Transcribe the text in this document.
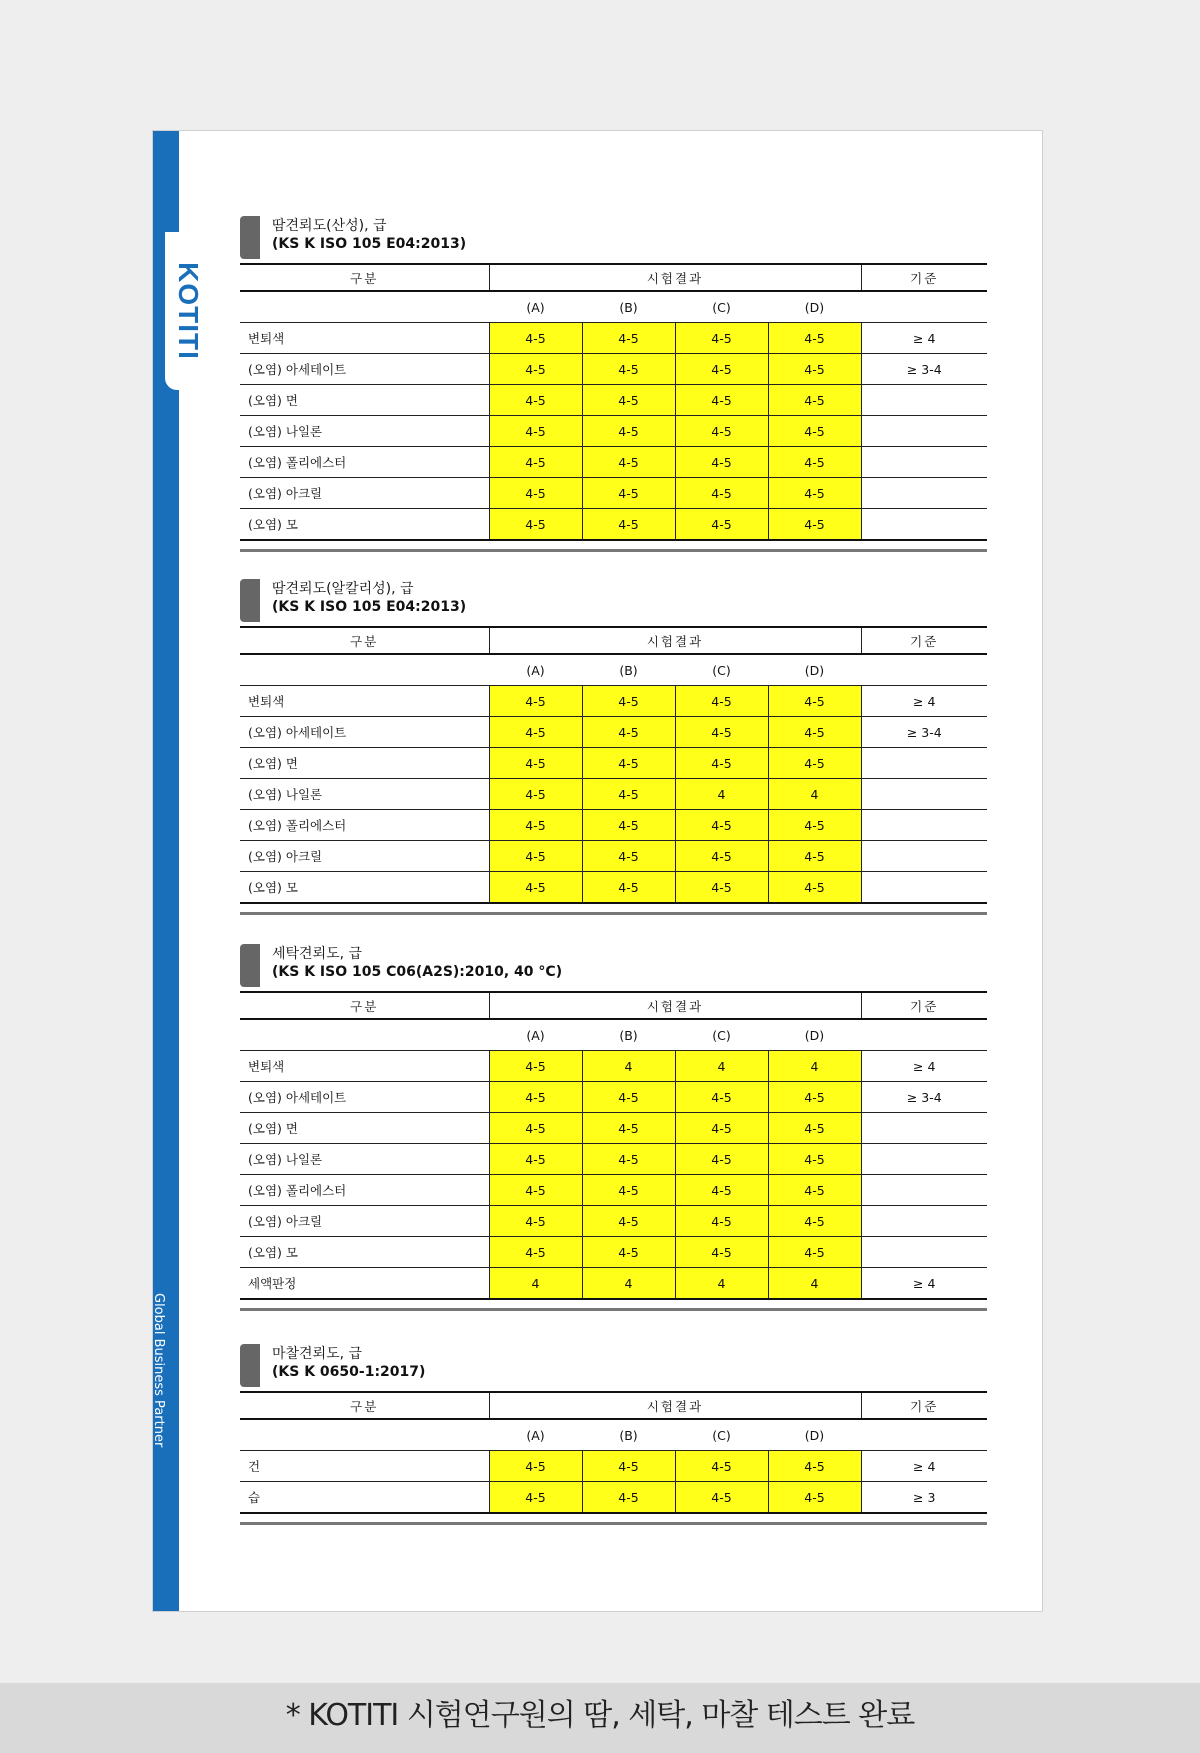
KOTITI
Global Business Partner
땀견뢰도(산성), 급
(KS K ISO 105 E04:2013)
구분	시험결과				기준
	(A)	(B)	(C)	(D)	
변퇴색	4-5	4-5	4-5	4-5	≥ 4
(오염) 아세테이트	4-5	4-5	4-5	4-5	≥ 3-4
(오염) 면	4-5	4-5	4-5	4-5	
(오염) 나일론	4-5	4-5	4-5	4-5	
(오염) 폴리에스터	4-5	4-5	4-5	4-5	
(오염) 아크릴	4-5	4-5	4-5	4-5	
(오염) 모	4-5	4-5	4-5	4-5	
땀견뢰도(알칼리성), 급
(KS K ISO 105 E04:2013)
구분	시험결과				기준
	(A)	(B)	(C)	(D)	
변퇴색	4-5	4-5	4-5	4-5	≥ 4
(오염) 아세테이트	4-5	4-5	4-5	4-5	≥ 3-4
(오염) 면	4-5	4-5	4-5	4-5	
(오염) 나일론	4-5	4-5	4	4	
(오염) 폴리에스터	4-5	4-5	4-5	4-5	
(오염) 아크릴	4-5	4-5	4-5	4-5	
(오염) 모	4-5	4-5	4-5	4-5	
세탁견뢰도, 급
(KS K ISO 105 C06(A2S):2010, 40 °C)
구분	시험결과				기준
	(A)	(B)	(C)	(D)	
변퇴색	4-5	4	4	4	≥ 4
(오염) 아세테이트	4-5	4-5	4-5	4-5	≥ 3-4
(오염) 면	4-5	4-5	4-5	4-5	
(오염) 나일론	4-5	4-5	4-5	4-5	
(오염) 폴리에스터	4-5	4-5	4-5	4-5	
(오염) 아크릴	4-5	4-5	4-5	4-5	
(오염) 모	4-5	4-5	4-5	4-5	
세액판정	4	4	4	4	≥ 4
마찰견뢰도, 급
(KS K 0650-1:2017)
구분	시험결과				기준
	(A)	(B)	(C)	(D)	
건	4-5	4-5	4-5	4-5	≥ 4
습	4-5	4-5	4-5	4-5	≥ 3
* KOTITI 시험연구원의 땀, 세탁, 마찰 테스트 완료
